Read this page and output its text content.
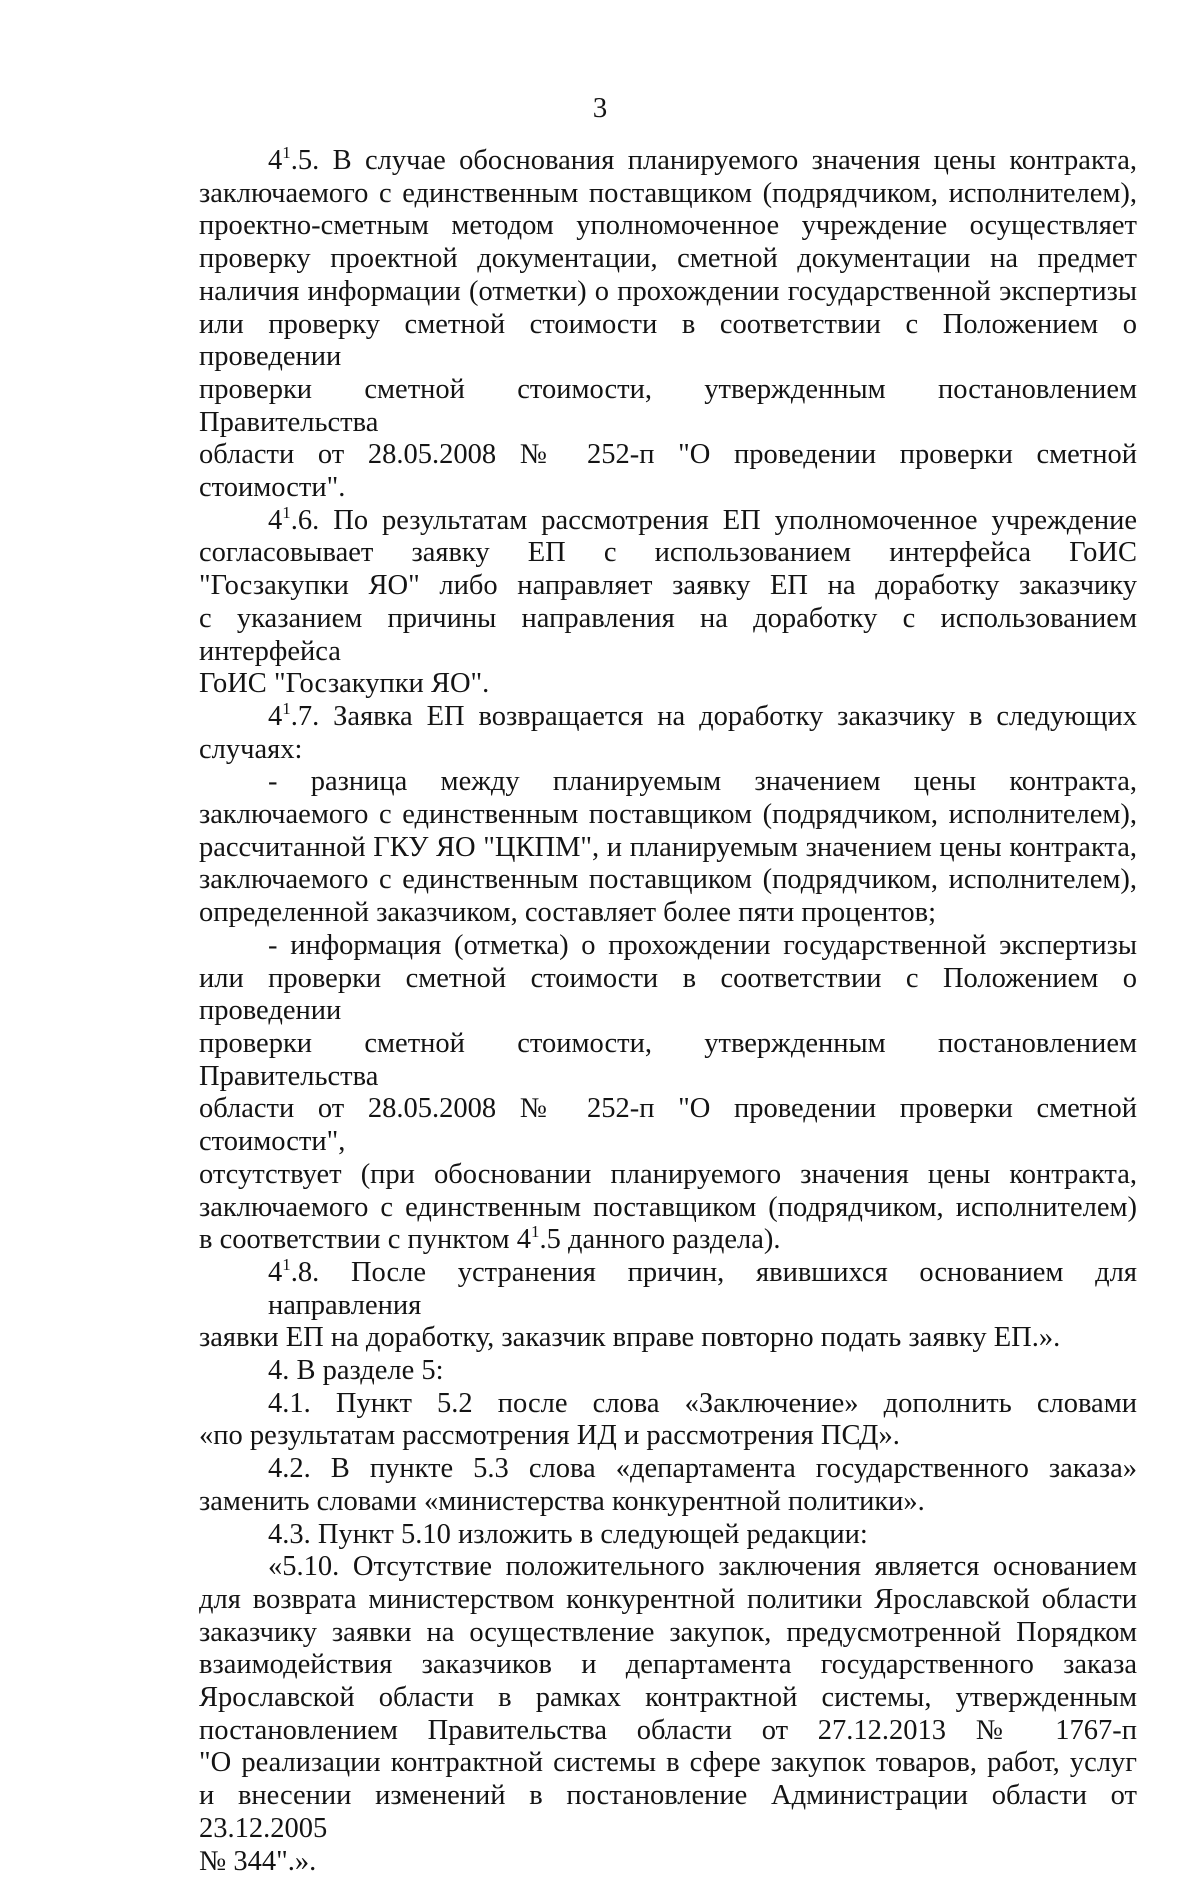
3
$4^1.5$. В случае обоснования планируемого значения цены контракта,
заключаемого с единственным поставщиком (подрядчиком, исполнителем),
проектно-сметным методом уполномоченное учреждение осуществляет
проверку проектной документации, сметной документации на предмет
наличия информации (отметки) о прохождении государственной экспертизы
или проверку сметной стоимости в соответствии с Положением о проведении
проверки сметной стоимости, утвержденным постановлением Правительства
области от 28.05.2008 № 252-п "О проведении проверки сметной стоимости".
$4^1.6$. По результатам рассмотрения ЕП уполномоченное учреждение
согласовывает заявку ЕП с использованием интерфейса ГоИС
"Госзакупки ЯО" либо направляет заявку ЕП на доработку заказчику
с указанием причины направления на доработку с использованием интерфейса
ГоИС "Госзакупки ЯО".
$4^1.7$. Заявка ЕП возвращается на доработку заказчику в следующих
случаях:
- разница между планируемым значением цены контракта,
заключаемого с единственным поставщиком (подрядчиком, исполнителем),
рассчитанной ГКУ ЯО "ЦКПМ", и планируемым значением цены контракта,
заключаемого с единственным поставщиком (подрядчиком, исполнителем),
определенной заказчиком, составляет более пяти процентов;
- информация (отметка) о прохождении государственной экспертизы
или проверки сметной стоимости в соответствии с Положением о проведении
проверки сметной стоимости, утвержденным постановлением Правительства
области от 28.05.2008 № 252-п "О проведении проверки сметной стоимости",
отсутствует (при обосновании планируемого значения цены контракта,
заключаемого с единственным поставщиком (подрядчиком, исполнителем)
в соответствии с пунктом $4^1.5$ данного раздела).
$4^1.8$. После устранения причин, явившихся основанием для направления
заявки ЕП на доработку, заказчик вправе повторно подать заявку ЕП.».
4. В разделе 5:
4.1. Пункт 5.2 после слова «Заключение» дополнить словами
«по результатам рассмотрения ИД и рассмотрения ПСД».
4.2. В пункте 5.3 слова «департамента государственного заказа»
заменить словами «министерства конкурентной политики».
4.3. Пункт 5.10 изложить в следующей редакции:
«5.10. Отсутствие положительного заключения является основанием
для возврата министерством конкурентной политики Ярославской области
заказчику заявки на осуществление закупок, предусмотренной Порядком
взаимодействия заказчиков и департамента государственного заказа
Ярославской области в рамках контрактной системы, утвержденным
постановлением Правительства области от 27.12.2013 № 1767-п
"О реализации контрактной системы в сфере закупок товаров, работ, услуг
и внесении изменений в постановление Администрации области от 23.12.2005
№ 344".».
